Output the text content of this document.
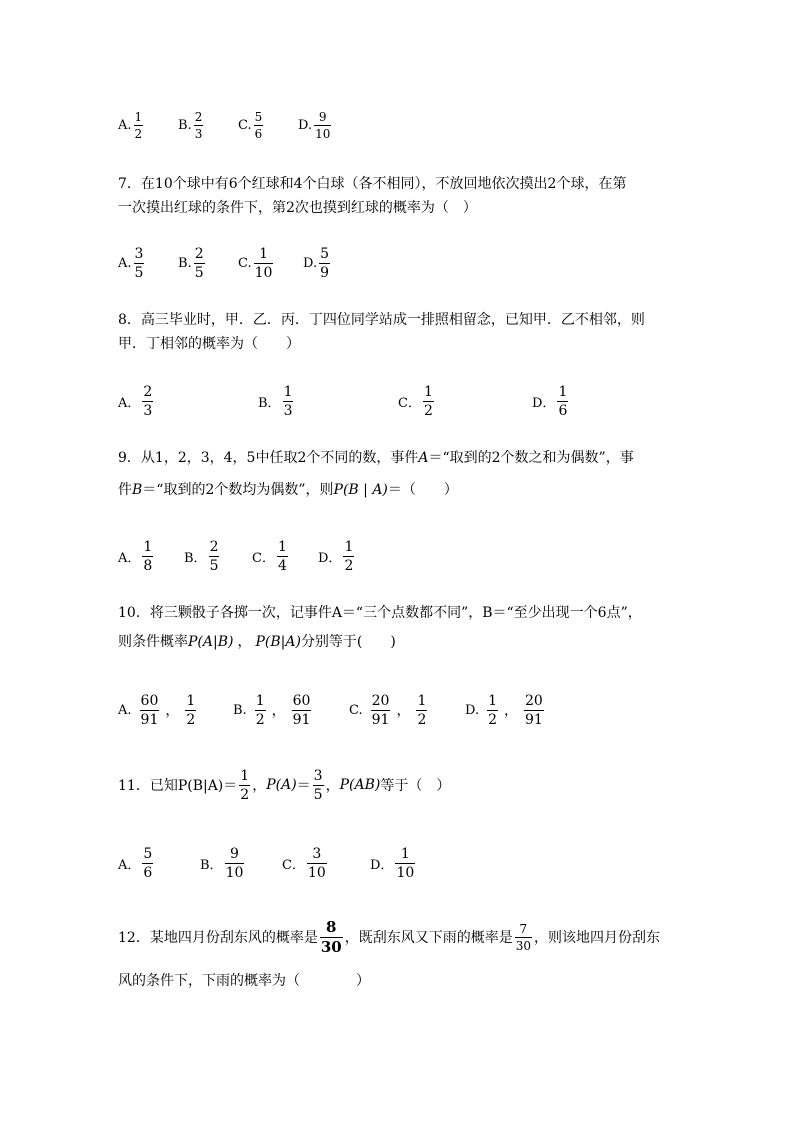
A. $\frac{1}{2}$	B. $\frac{2}{3}$	C. $\frac{5}{6}$	D. $\frac{9}{10}$
7．在10个球中有6个红球和4个白球（各不相同），不放回地依次摸出2个球，在第
一次摸出红球的条件下，第2次也摸到红球的概率为（　）
A. $\frac{3}{5}$	B. $\frac{2}{5}$	C. $\frac{1}{10} D$. $\frac{5}{9}$
8．高三毕业时，甲．乙．丙．丁四位同学站成一排照相留念，已知甲．乙不相邻，则
甲．丁相邻的概率为（　　）
A． $\frac{2}{3}$	B． $\frac{1}{3}$	C． $\frac{1}{2}$	D． $\frac{1}{6}$
9．从1，2，3，4，5中任取2个不同的数，事件A＝“取到的2个数之和为偶数”，事
件B＝“取到的2个数均为偶数”，则P(B | A)＝（　　）
A． $\frac{1}{8}$ B． $\frac{2}{5}$	C． $\frac{1}{4}$ D． $\frac{1}{2}$
10．将三颗骰子各掷一次，记事件A＝“三个点数都不同”，B＝“至少出现一个6点”，
则条件概率P(A|B) ， P(B|A)分别等于(　　)
A. $\frac{60}{91}$ ， $\frac{1}{2}$	B. $\frac{1}{2}$ ， $\frac{60}{91}$	C. $\frac{20}{91}$ ， $\frac{1}{2}$	D. $\frac{1}{2}$ ， $\frac{20}{91}$
11．已知$P(B|A)= \frac{1}{2}$ ， $P(A) = \frac{3}{5}$ ， P(AB) 等于（　）
A． $\frac{5}{6}$	B． $\frac{9}{10}$	C． $\frac{3}{10}$	D． $\frac{1}{10}$
12．某地四月份刮东风的概率是 $\frac{8}{30}$ ，既刮东风又下雨的概率是 $\frac{7}{30}$ ，则该地四月份刮东
风的条件下，下雨的概率为（　　　　）
